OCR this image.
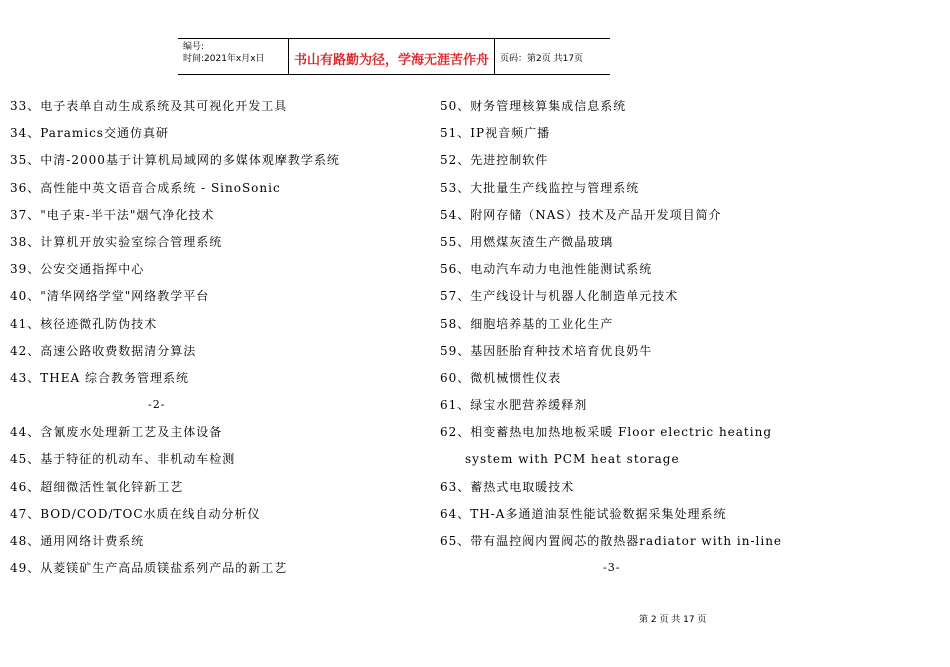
编号:
时间:2021年x月x日	书山有路勤为径，学海无涯苦作舟	页码：第2页 共17页
33、电子表单自动生成系统及其可视化开发工具
34、Paramics交通仿真研
35、中清-2000基于计算机局域网的多媒体观摩教学系统
36、高性能中英文语音合成系统 - SinoSonic
37、"电子束-半干法"烟气净化技术
38、计算机开放实验室综合管理系统
39、公安交通指挥中心
40、"清华网络学堂"网络教学平台
41、核径迹微孔防伪技术
42、高速公路收费数据清分算法
43、THEA 综合教务管理系统
44、含氰废水处理新工艺及主体设备
45、基于特征的机动车、非机动车检测
46、超细微活性氧化锌新工艺
47、BOD/COD/TOC水质在线自动分析仪
48、通用网络计费系统
49、从菱镁矿生产高品质镁盐系列产品的新工艺
50、财务管理核算集成信息系统
51、IP视音频广播
52、先进控制软件
53、大批量生产线监控与管理系统
54、附网存储（NAS）技术及产品开发项目简介
55、用燃煤灰渣生产微晶玻璃
56、电动汽车动力电池性能测试系统
57、生产线设计与机器人化制造单元技术
58、细胞培养基的工业化生产
59、基因胚胎育种技术培育优良奶牛
60、微机械惯性仪表
61、绿宝水肥营养缓释剂
62、相变蓄热电加热地板采暖 Floor electric heating
system with PCM heat storage
63、蓄热式电取暖技术
64、TH-A多通道油泵性能试验数据采集处理系统
65、带有温控阀内置阀芯的散热器radiator with in-line
-2-
-3-
第 2 页 共 17 页
